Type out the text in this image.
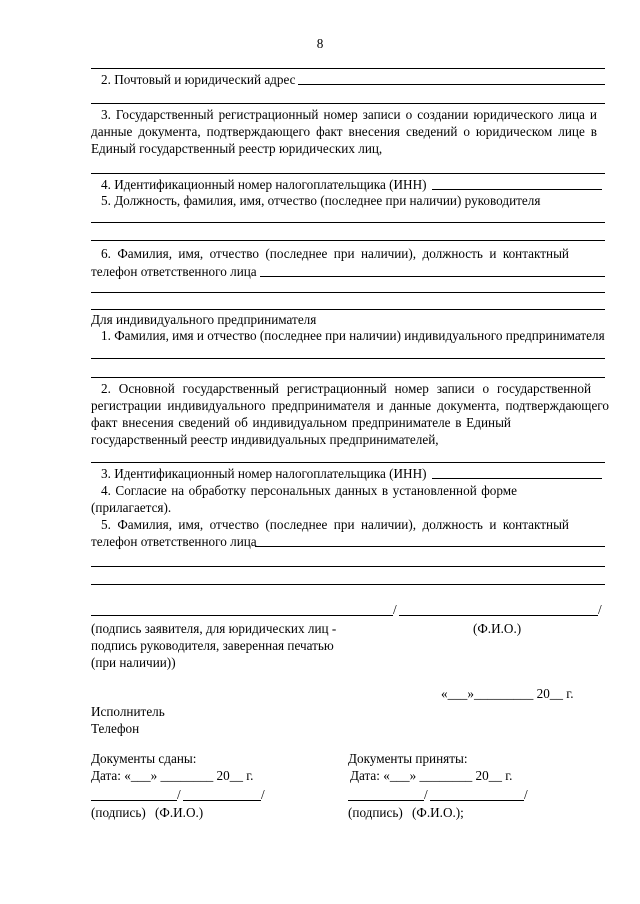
8
2. Почтовый и юридический адрес
3. Государственный регистрационный номер записи о создании юридического лица и
данные документа, подтверждающего факт внесения сведений о юридическом лице в
Единый государственный реестр юридических лиц,
4. Идентификационный номер налогоплательщика (ИНН)
5. Должность, фамилия, имя, отчество (последнее при наличии) руководителя
6. Фамилия, имя, отчество (последнее при наличии), должность и контактный
телефон ответственного лица
Для индивидуального предпринимателя
1. Фамилия, имя и отчество (последнее при наличии) индивидуального предпринимателя
2. Основной государственный регистрационный номер записи о государственной
регистрации индивидуального предпринимателя и данные документа, подтверждающего
факт внесения сведений об индивидуальном предпринимателе в Единый
государственный реестр индивидуальных предпринимателей,
3. Идентификационный номер налогоплательщика (ИНН)
4. Согласие на обработку персональных данных в установленной форме
(прилагается).
5. Фамилия, имя, отчество (последнее при наличии), должность и контактный
телефон ответственного лица
/	/
(подпись заявителя, для юридических лиц -
подпись руководителя, заверенная печатью
(при наличии))
(Ф.И.О.)
«___»_________ 20__ г.
Исполнитель
Телефон
Документы сданы:
Дата: «___» ________ 20__ г.
/	/
(подпись) (Ф.И.О.)
Документы приняты:
Дата: «___» ________ 20__ г.
/	/
(подпись) (Ф.И.О.);
